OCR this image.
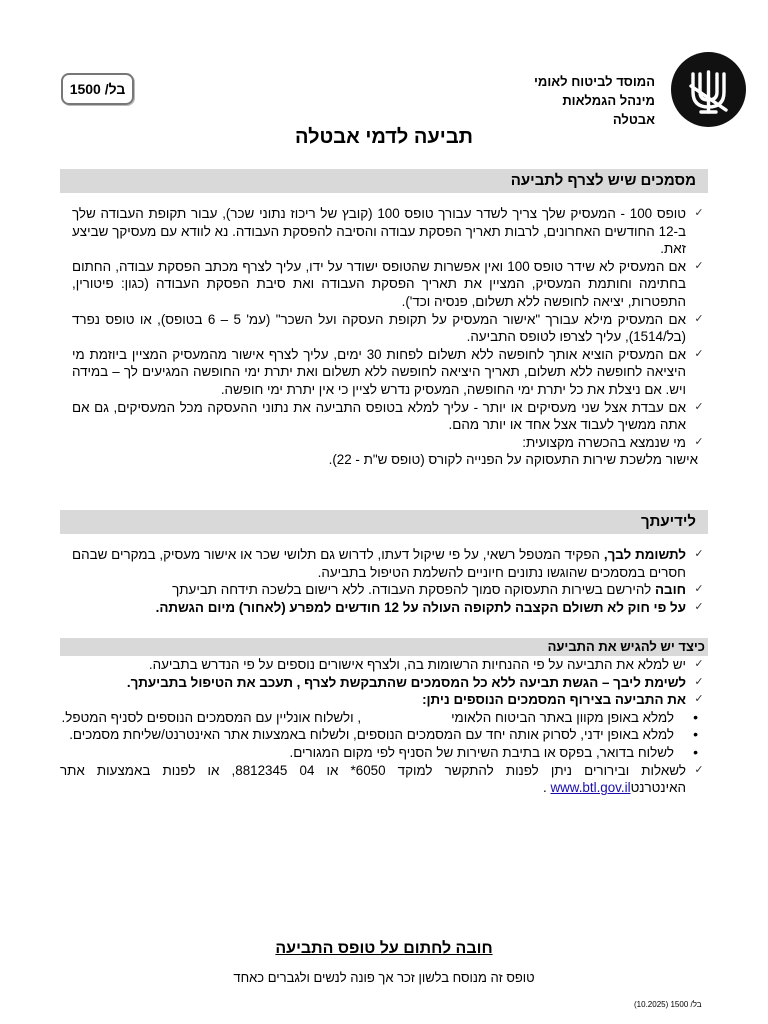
המוסד לביטוח לאומי
מינהל הגמלאות
אבטלה
בל/ 1500
תביעה לדמי אבטלה
מסמכים שיש לצרף לתביעה
✓
טופס 100 - המעסיק שלך צריך לשדר עבורך טופס 100 (קובץ של ריכוז נתוני שכר), עבור תקופת העבודה שלך ב-12 החודשים האחרונים, לרבות תאריך הפסקת עבודה והסיבה להפסקת העבודה. נא לוודא עם מעסיקך שביצע זאת.
✓
אם המעסיק לא שידר טופס 100 ואין אפשרות שהטופס ישודר על ידו, עליך לצרף מכתב הפסקת עבודה, החתום בחתימה וחותמת המעסיק, המציין את תאריך הפסקת העבודה ואת סיבת הפסקת העבודה (כגון: פיטורין, התפטרות, יציאה לחופשה ללא תשלום, פנסיה וכד').
✓
אם המעסיק מילא עבורך "אישור המעסיק על תקופת העסקה ועל השכר" (עמ' 5 – 6 בטופס), או טופס נפרד (בל/1514), עליך לצרפו לטופס התביעה.
✓
אם המעסיק הוציא אותך לחופשה ללא תשלום לפחות 30 ימים, עליך לצרף אישור מהמעסיק המציין ביוזמת מי היציאה לחופשה ללא תשלום, תאריך היציאה לחופשה ללא תשלום ואת יתרת ימי החופשה המגיעים לך – במידה ויש. אם ניצלת את כל יתרת ימי החופשה, המעסיק נדרש לציין כי אין יתרת ימי חופשה.
✓
אם עבדת אצל שני מעסיקים או יותר - עליך למלא בטופס התביעה את נתוני ההעסקה מכל המעסיקים, גם אם אתה ממשיך לעבוד אצל אחד או יותר מהם.
✓
מי שנמצא בהכשרה מקצועית:
אישור מלשכת שירות התעסוקה על הפנייה לקורס (טופס ש"ת - 22).
לידיעתך
✓
לתשומת לבך, הפקיד המטפל רשאי, על פי שיקול דעתו, לדרוש גם תלושי שכר או אישור מעסיק, במקרים שבהם חסרים במסמכים שהוגשו נתונים חיוניים להשלמת הטיפול בתביעה.
✓
חובה להירשם בשירות התעסוקה סמוך להפסקת העבודה. ללא רישום בלשכה תידחה תביעתך
✓
על פי חוק לא תשולם הקצבה לתקופה העולה על 12 חודשים למפרע (לאחור) מיום הגשתה.
כיצד יש להגיש את התביעה
✓
יש למלא את התביעה על פי ההנחיות הרשומות בה, ולצרף אישורים נוספים על פי הנדרש בתביעה.
✓
לשימת ליבך – הגשת תביעה ללא כל המסמכים שהתבקשת לצרף , תעכב את הטיפול בתביעתך.
✓
את התביעה בצירוף המסמכים הנוספים ניתן:
• למלא באופן מקוון באתר הביטוח הלאומי, ולשלוח אונליין עם המסמכים הנוספים לסניף המטפל.
• למלא באופן ידני, לסרוק אותה יחד עם המסמכים הנוספים, ולשלוח באמצעות אתר האינטרנט/שליחת מסמכים.
• לשלוח בדואר, בפקס או בתיבת השירות של הסניף לפי מקום המגורים.
✓
לשאלות ובירורים ניתן לפנות להתקשר למוקד 6050* או 04 8812345, או לפנות באמצעות אתר האינטרנטwww.btl.gov.il .
חובה לחתום על טופס התביעה
טופס זה מנוסח בלשון זכר אך פונה לנשים ולגברים כאחד
בל/ 1500 (10.2025)
